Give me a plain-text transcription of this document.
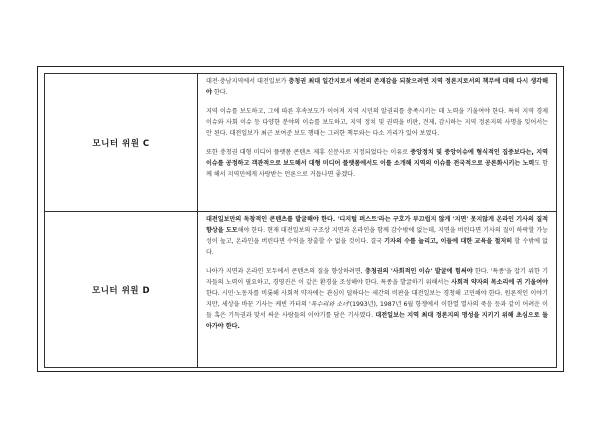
모니터 위원 C	대전·충남지역에서 대전일보가 충청권 최대 일간지로서 예전의 존재감을 되찾으려면 지역 정론지로서의 책무에 대해 다시 생각해야 한다.

지역 이슈를 보도하고, 그에 따른 후속보도가 이어져 지역 시민의 알권리를 충족시키는 데 노력을 기울여야 한다. 특히 지역 경제 이슈와 사회 이슈 등 다양한 분야의 이슈를 보도하고, 지역 정치 및 권력을 비판, 견제, 감시하는 지역 정론지의 사명을 잊어서는 안 된다. 대전일보가 최근 보여준 보도 행태는 그러한 책무와는 다소 거리가 있어 보였다.

또한 충청권 대형 미디어 플랫폼 콘텐츠 제휴 신문사로 지정되었다는 이유로 중앙정치 및 중앙이슈에 형식적인 집중보다는, 지역 이슈를 공정하고 객관적으로 보도해서 대형 미디어 플랫폼에서도 이를 소개해 지역의 이슈를 전국적으로 공론화시키는 노력도 함께 해서 지역민에게 사랑받는 언론으로 거듭나면 좋겠다.

모니터 위원 D	대전일보만의 독창적인 콘텐츠를 발굴해야 한다. '디지털 퍼스트'라는 구호가 부끄럽지 않게 '지면' 못지않게 온라인 기사의 질적 향상을 도모해야 한다. 현재 대전일보의 구조상 지면과 온라인을 함께 감수밖에 없는데, 지면을 버린다면 기사의 질이 하락할 가능성이 높고, 온라인을 버린다면 수익을 창출할 수 없을 것이다. 결국 기자의 수를 늘리고, 이들에 대한 교육을 철저히 할 수밖에 없다.

나아가 지면과 온라인 모두에서 콘텐츠의 질을 향상하려면, 충청권의 '사회적인 이슈' 발굴에 힘써야 한다. '특종'을 잡기 위한 기자들의 노력이 필요하고, 경영진은 이 같은 환경을 조성해야 한다. 특종을 발굴하기 위해서는 사회적 약자의 목소리에 귀 기울여야 한다. 시민·노동자를 비롯해 사회적 약자에는 관심이 덜하다는 세간의 비판을 대전일보는 경청해 고민해야 한다. 원론적인 이야기지만, 세상을 바꾼 기사는 케빈 카터의 '독수리와 소녀'(1993년), 1987년 6월 항쟁에서 이한열 열사의 죽음 등과 같이 어려운 이들 혹은 기득권과 맞서 싸운 사람들의 이야기를 담은 기사였다. 대전일보는 지역 최대 정론지의 명성을 지키기 위해 초심으로 돌아가야 한다.
